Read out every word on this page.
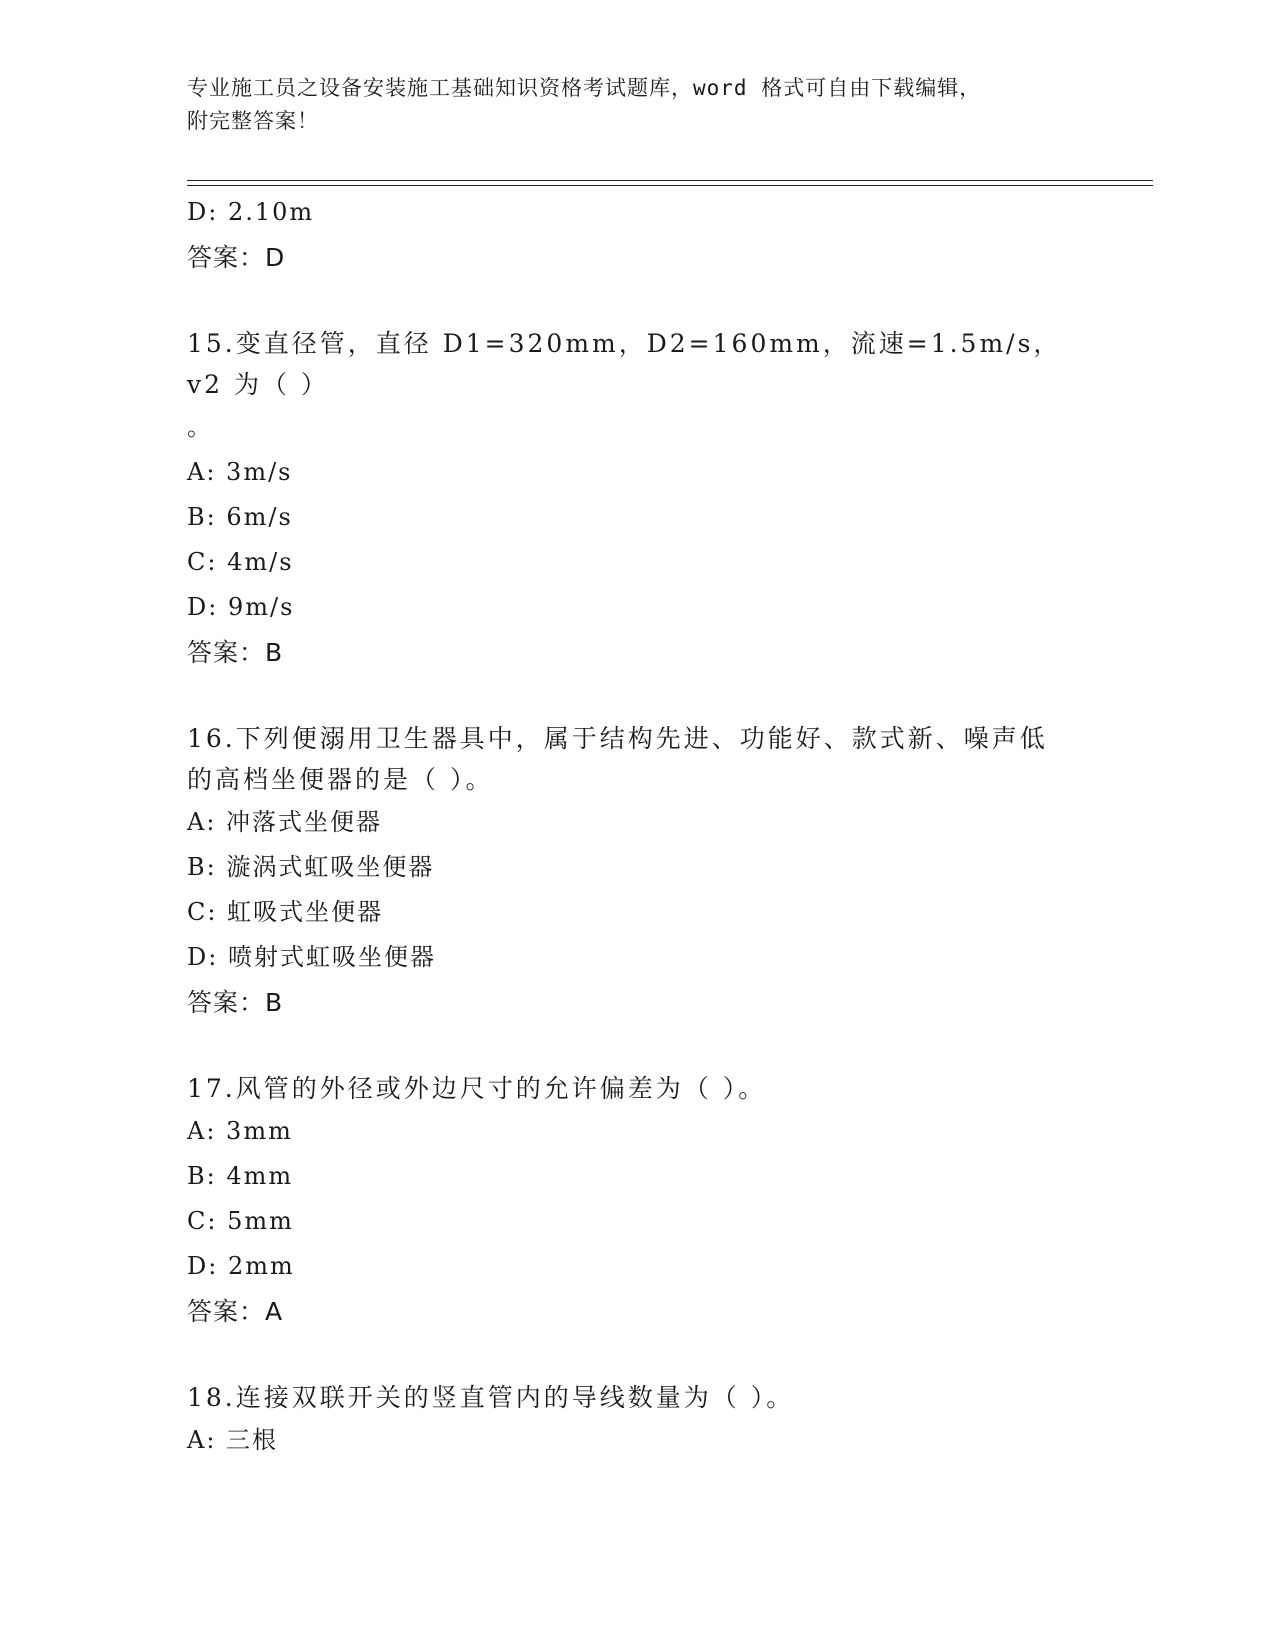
专业施工员之设备安装施工基础知识资格考试题库，word 格式可自由下载编辑，
附完整答案！
D: 2.10m
答案：D
15.变直径管，直径 D1=320mm，D2=160mm，流速=1.5m/s，v2 为（ ）
。
A: 3m/s
B: 6m/s
C: 4m/s
D: 9m/s
答案：B
16.下列便溺用卫生器具中，属于结构先进、功能好、款式新、噪声低
的高档坐便器的是（ ）。
A: 冲落式坐便器
B: 漩涡式虹吸坐便器
C: 虹吸式坐便器
D: 喷射式虹吸坐便器
答案：B
17.风管的外径或外边尺寸的允许偏差为（ ）。
A: 3mm
B: 4mm
C: 5mm
D: 2mm
答案：A
18.连接双联开关的竖直管内的导线数量为（ ）。
A: 三根
